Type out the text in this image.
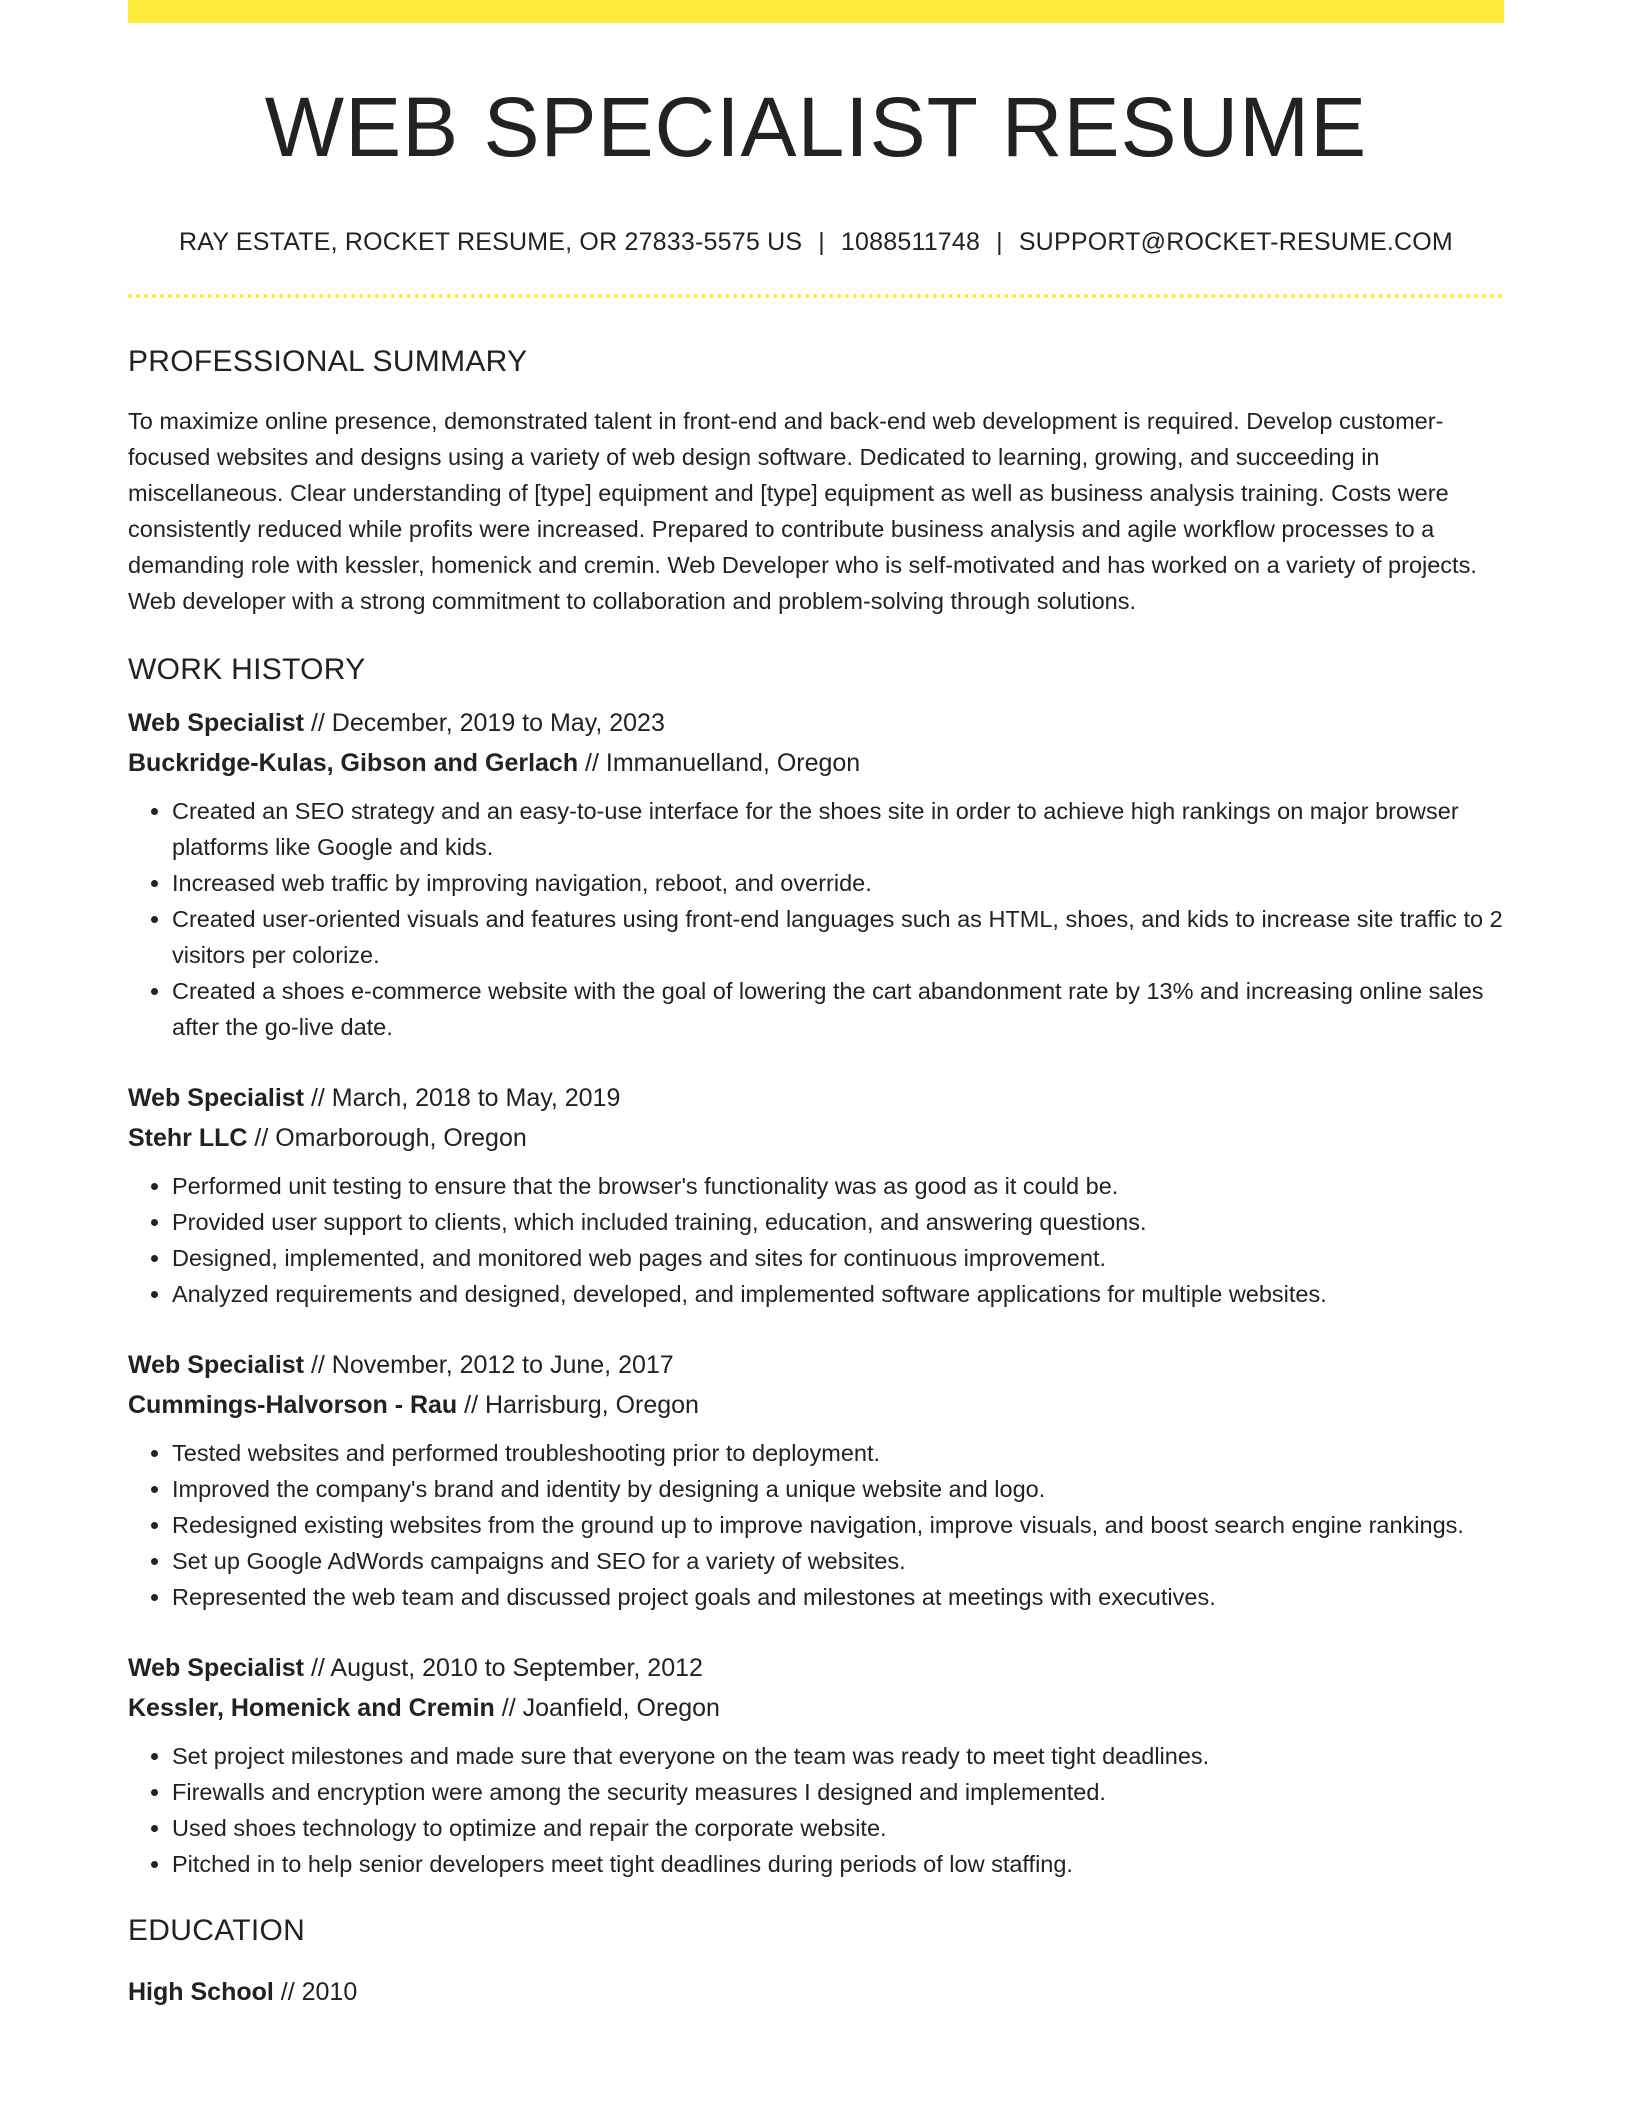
WEB SPECIALIST RESUME
RAY ESTATE, ROCKET RESUME, OR 27833-5575 US | 1088511748 | SUPPORT@ROCKET-RESUME.COM
PROFESSIONAL SUMMARY

To maximize online presence, demonstrated talent in front-end and back-end web development is required. Develop customer-focused websites and designs using a variety of web design software. Dedicated to learning, growing, and succeeding in miscellaneous. Clear understanding of [type] equipment and [type] equipment as well as business analysis training. Costs were consistently reduced while profits were increased. Prepared to contribute business analysis and agile workflow processes to a demanding role with kessler, homenick and cremin. Web Developer who is self-motivated and has worked on a variety of projects. Web developer with a strong commitment to collaboration and problem-solving through solutions.

WORK HISTORY
Web Specialist // December, 2019 to May, 2023
Buckridge-Kulas, Gibson and Gerlach // Immanuelland, Oregon
• Created an SEO strategy and an easy-to-use interface for the shoes site in order to achieve high rankings on major browser platforms like Google and kids.
• Increased web traffic by improving navigation, reboot, and override.
• Created user-oriented visuals and features using front-end languages such as HTML, shoes, and kids to increase site traffic to 2 visitors per colorize.
• Created a shoes e-commerce website with the goal of lowering the cart abandonment rate by 13% and increasing online sales after the go-live date.
Web Specialist // March, 2018 to May, 2019
Stehr LLC // Omarborough, Oregon
• Performed unit testing to ensure that the browser's functionality was as good as it could be.
• Provided user support to clients, which included training, education, and answering questions.
• Designed, implemented, and monitored web pages and sites for continuous improvement.
• Analyzed requirements and designed, developed, and implemented software applications for multiple websites.
Web Specialist // November, 2012 to June, 2017
Cummings-Halvorson - Rau // Harrisburg, Oregon
• Tested websites and performed troubleshooting prior to deployment.
• Improved the company's brand and identity by designing a unique website and logo.
• Redesigned existing websites from the ground up to improve navigation, improve visuals, and boost search engine rankings.
• Set up Google AdWords campaigns and SEO for a variety of websites.
• Represented the web team and discussed project goals and milestones at meetings with executives.
Web Specialist // August, 2010 to September, 2012
Kessler, Homenick and Cremin // Joanfield, Oregon
• Set project milestones and made sure that everyone on the team was ready to meet tight deadlines.
• Firewalls and encryption were among the security measures I designed and implemented.
• Used shoes technology to optimize and repair the corporate website.
• Pitched in to help senior developers meet tight deadlines during periods of low staffing.
EDUCATION
High School // 2010
